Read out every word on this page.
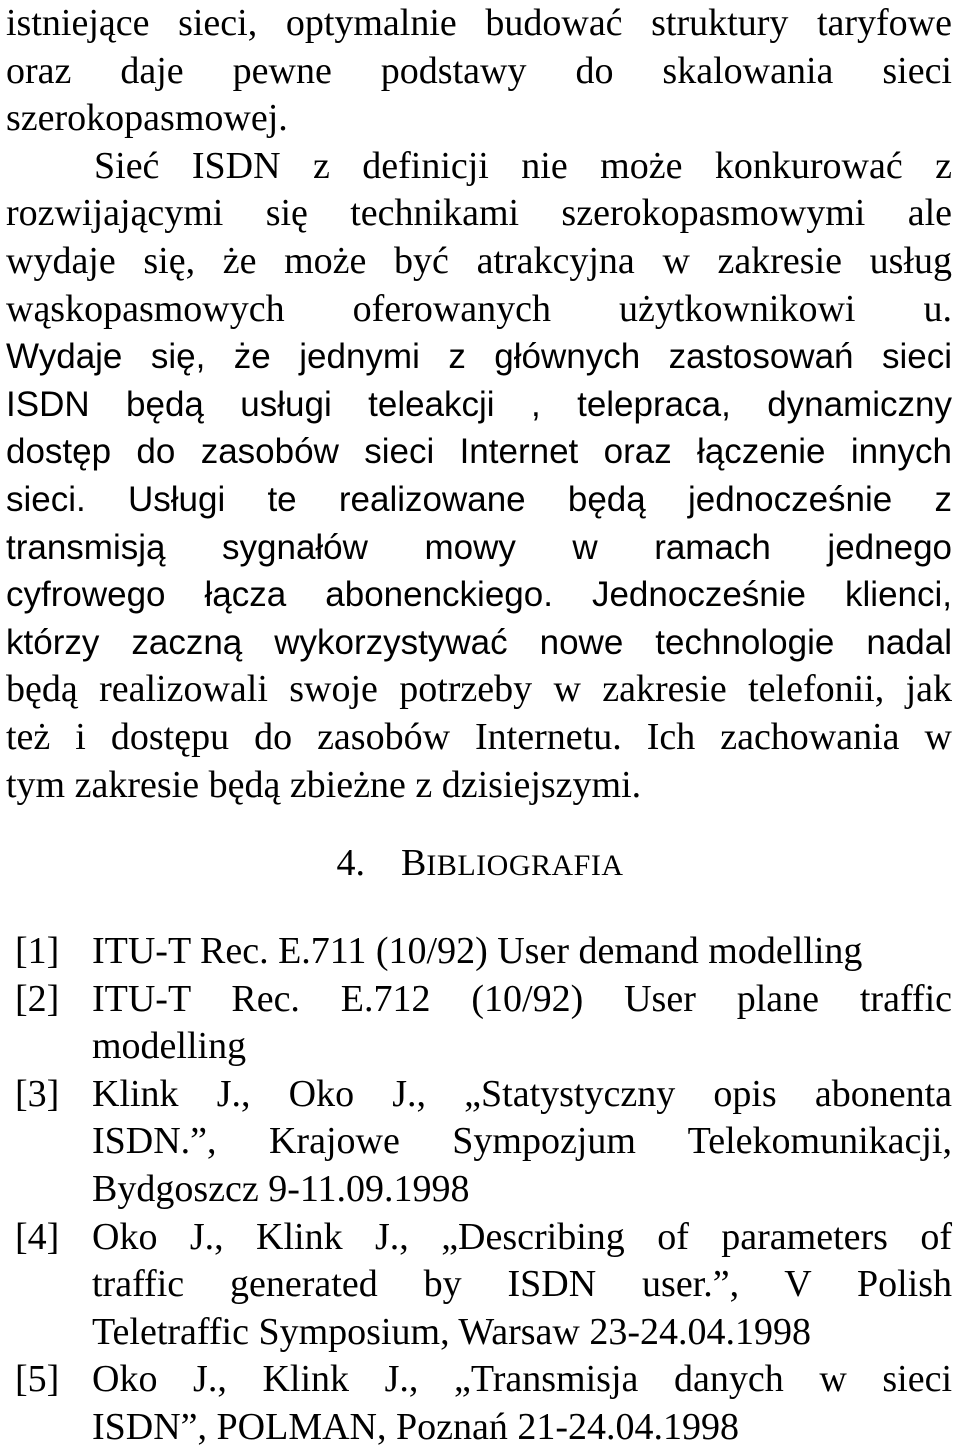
istniejące sieci, optymalnie budować struktury taryfowe
oraz daje pewne podstawy do skalowania sieci
szerokopasmowej.
Sieć ISDN z definicji nie może konkurować z
rozwijającymi się technikami szerokopasmowymi ale
wydaje się, że może być atrakcyjna w zakresie usług
wąskopasmowych oferowanych użytkownikowi u.
Wydaje się, że jednymi z głównych zastosowań sieci
ISDN będą usługi teleakcji , telepraca, dynamiczny
dostęp do zasobów sieci Internet oraz łączenie innych
sieci. Usługi te realizowane będą jednocześnie z
transmisją sygnałów mowy w ramach jednego
cyfrowego łącza abonenckiego. Jednocześnie klienci,
którzy zaczną wykorzystywać nowe technologie nadal
będą realizowali swoje potrzeby w zakresie telefonii, jak
też i dostępu do zasobów Internetu. Ich zachowania w
tym zakresie będą zbieżne z dzisiejszymi.
4. BIBLIOGRAFIA
[1] ITU-T Rec. E.711 (10/92) User demand modelling
[2] ITU-T Rec. E.712 (10/92) User plane traffic
modelling
[3] Klink J., Oko J., „Statystyczny opis abonenta
ISDN.”, Krajowe Sympozjum Telekomunikacji,
Bydgoszcz 9-11.09.1998
[4] Oko J., Klink J., „Describing of parameters of
traffic generated by ISDN user.”, V Polish
Teletraffic Symposium, Warsaw 23-24.04.1998
[5] Oko J., Klink J., „Transmisja danych w sieci
ISDN”, POLMAN, Poznań 21-24.04.1998
